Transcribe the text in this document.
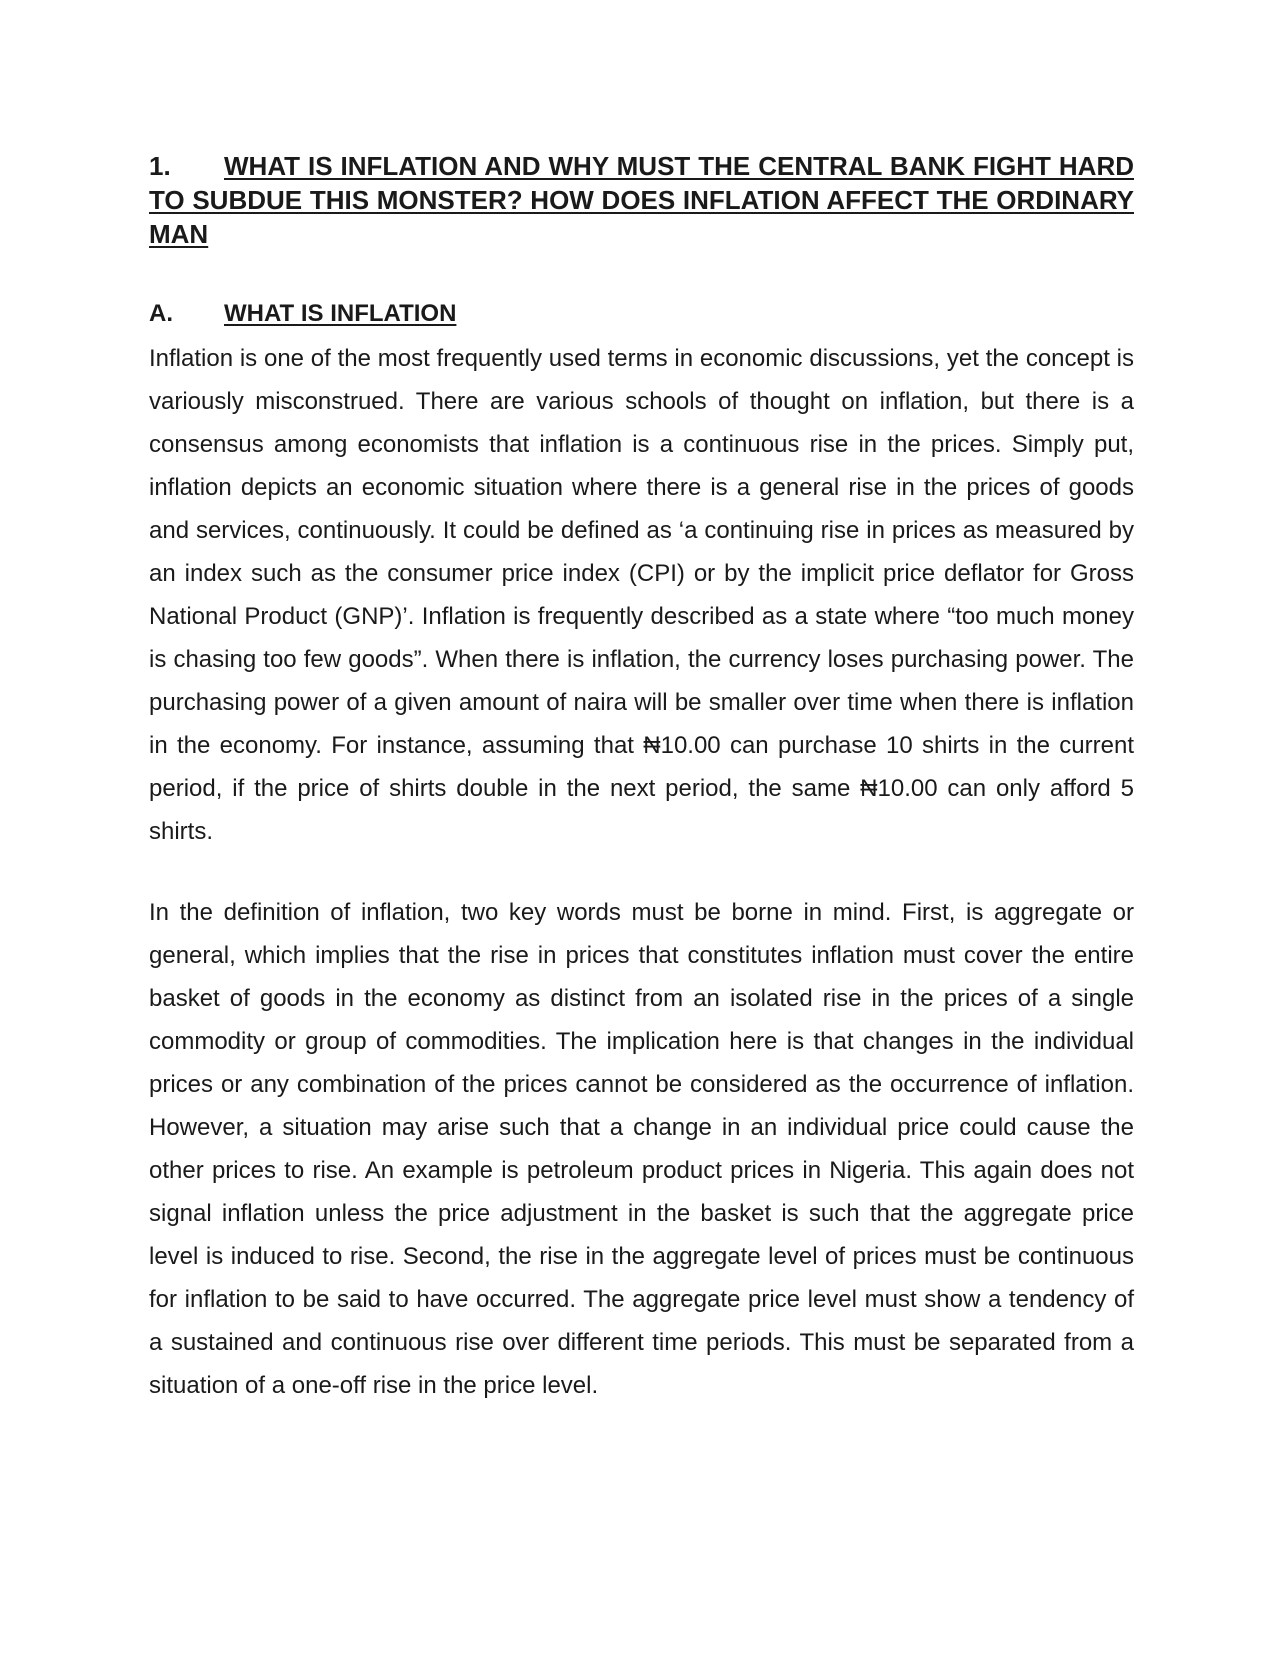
1. WHAT IS INFLATION AND WHY MUST THE CENTRAL BANK FIGHT HARD TO SUBDUE THIS MONSTER? HOW DOES INFLATION AFFECT THE ORDINARY MAN
A. WHAT IS INFLATION

Inflation is one of the most frequently used terms in economic discussions, yet the concept is variously misconstrued. There are various schools of thought on inflation, but there is a consensus among economists that inflation is a continuous rise in the prices. Simply put, inflation depicts an economic situation where there is a general rise in the prices of goods and services, continuously. It could be defined as ‘a continuing rise in prices as measured by an index such as the consumer price index (CPI) or by the implicit price deflator for Gross National Product (GNP)’. Inflation is frequently described as a state where “too much money is chasing too few goods”. When there is inflation, the currency loses purchasing power. The purchasing power of a given amount of naira will be smaller over time when there is inflation in the economy. For instance, assuming that ₦10.00 can purchase 10 shirts in the current period, if the price of shirts double in the next period, the same ₦10.00 can only afford 5 shirts.

In the definition of inflation, two key words must be borne in mind. First, is aggregate or general, which implies that the rise in prices that constitutes inflation must cover the entire basket of goods in the economy as distinct from an isolated rise in the prices of a single commodity or group of commodities. The implication here is that changes in the individual prices or any combination of the prices cannot be considered as the occurrence of inflation. However, a situation may arise such that a change in an individual price could cause the other prices to rise. An example is petroleum product prices in Nigeria. This again does not signal inflation unless the price adjustment in the basket is such that the aggregate price level is induced to rise. Second, the rise in the aggregate level of prices must be continuous for inflation to be said to have occurred. The aggregate price level must show a tendency of a sustained and continuous rise over different time periods. This must be separated from a situation of a one-off rise in the price level.
